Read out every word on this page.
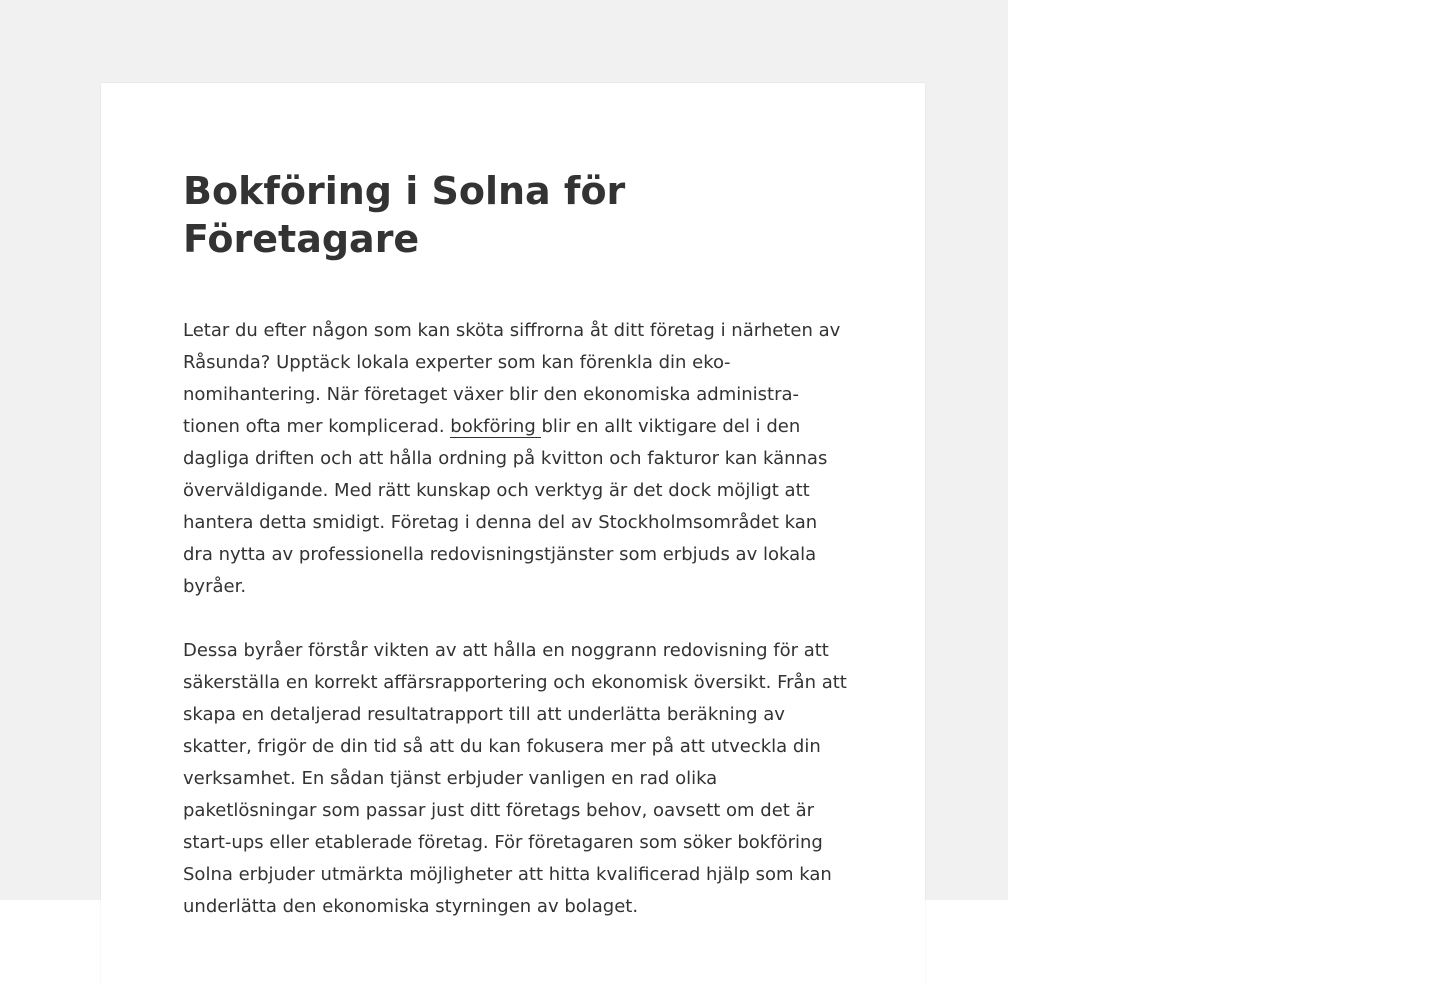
Bokföring i Solna för Företagare

Letar du efter någon som kan sköta siffrorna åt ditt företag i närheten av Råsunda? Upptäck lokala experter som kan förenkla din ekonomihantering. När företaget växer blir den ekonomiska administrationen ofta mer komplicerad. bokföring blir en allt viktigare del i den dagliga driften och att hålla ordning på kvitton och fakturor kan kännas överväldigande. Med rätt kunskap och verktyg är det dock möjligt att hantera detta smidigt. Företag i denna del av Stockholmsområdet kan dra nytta av professionella redovisningstjänster som erbjuds av lokala byråer.

Dessa byråer förstår vikten av att hålla en noggrann redovisning för att säkerställa en korrekt affärsrapportering och ekonomisk översikt. Från att skapa en detaljerad resultatrapport till att underlätta beräkning av skatter, frigör de din tid så att du kan fokusera mer på att utveckla din verksamhet. En sådan tjänst erbjuder vanligen en rad olika paketlösningar som passar just ditt företags behov, oavsett om det är start-ups eller etablerade företag. För företagaren som söker bokföring Solna erbjuder utmärkta möjligheter att hitta kvalificerad hjälp som kan underlätta den ekonomiska styrningen av bolaget.
